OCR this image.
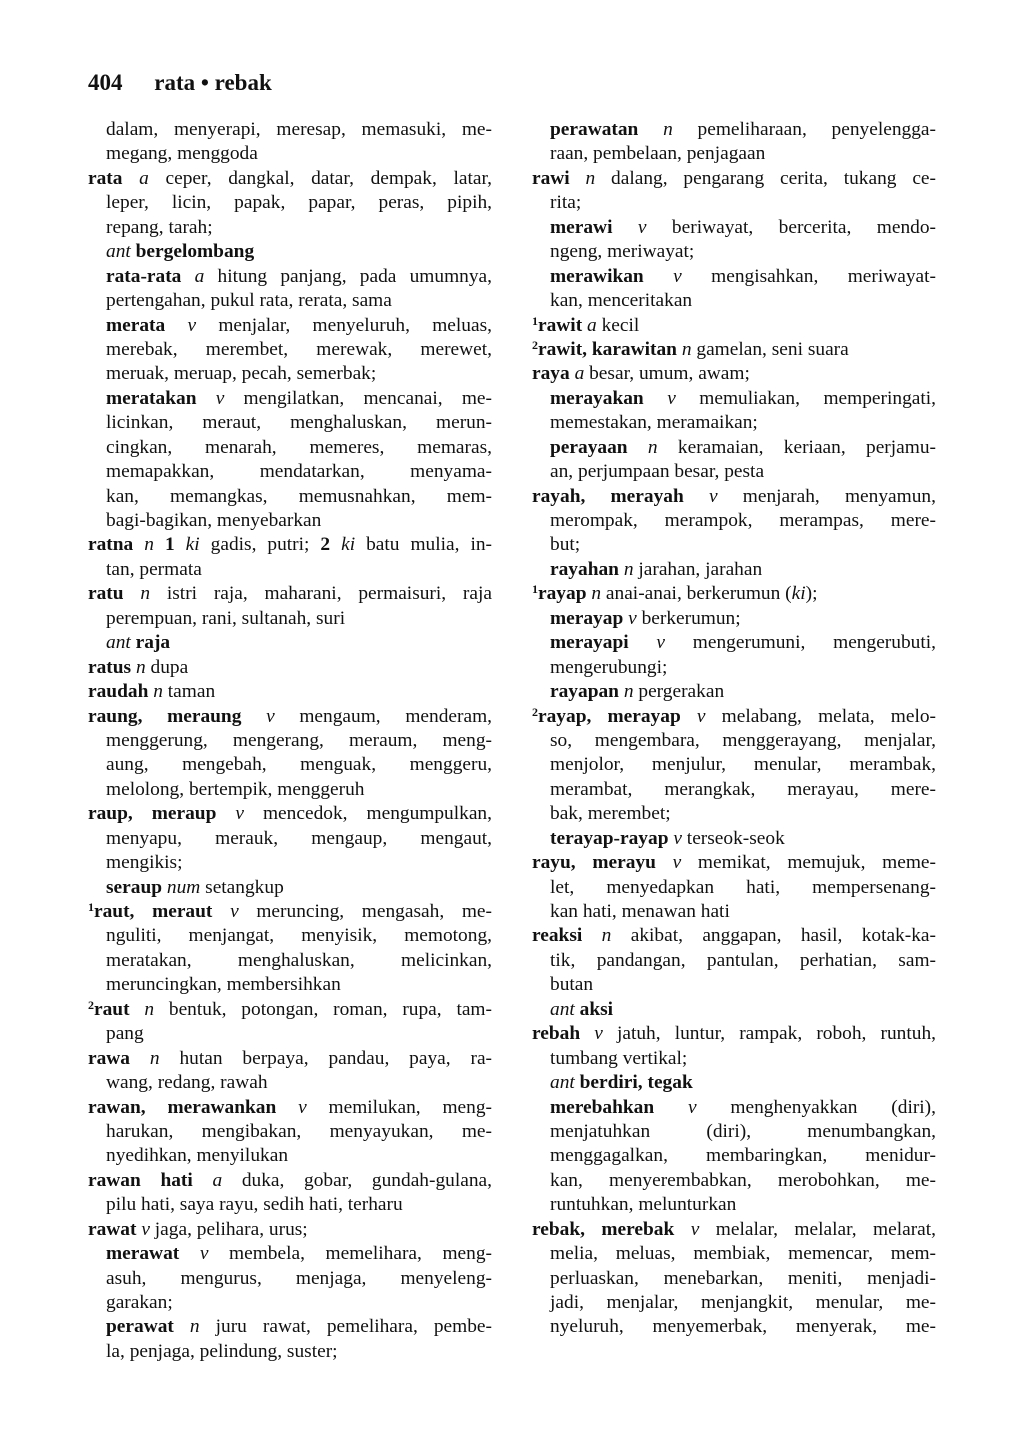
404 rata • rebak
dalam, menyerapi, meresap, memasuki, me-
megang, menggoda
rata a ceper, dangkal, datar, dempak, latar,
leper, licin, papak, papar, peras, pipih,
repang, tarah;
ant bergelombang
rata-rata a hitung panjang, pada umumnya,
pertengahan, pukul rata, rerata, sama
merata v menjalar, menyeluruh, meluas,
merebak, merembet, merewak, merewet,
meruak, meruap, pecah, semerbak;
meratakan v mengilatkan, mencanai, me-
licinkan, meraut, menghaluskan, merun-
cingkan, menarah, memeres, memaras,
memapakkan, mendatarkan, menyama-
kan, memangkas, memusnahkan, mem-
bagi-bagikan, menyebarkan
ratna n 1 ki gadis, putri; 2 ki batu mulia, in-
tan, permata
ratu n istri raja, maharani, permaisuri, raja
perempuan, rani, sultanah, suri
ant raja
ratus n dupa
raudah n taman
raung, meraung v mengaum, menderam,
menggerung, mengerang, meraum, meng-
aung, mengebah, menguak, menggeru,
melolong, bertempik, menggeruh
raup, meraup v mencedok, mengumpulkan,
menyapu, merauk, mengaup, mengaut,
mengikis;
seraup num setangkup
$^1$raut, meraut v meruncing, mengasah, me-
nguliti, menjangat, menyisik, memotong,
meratakan, menghaluskan, melicinkan,
meruncingkan, membersihkan
$^2$raut n bentuk, potongan, roman, rupa, tam-
pang
rawa n hutan berpaya, pandau, paya, ra-
wang, redang, rawah
rawan, merawankan v memilukan, meng-
harukan, mengibakan, menyayukan, me-
nyedihkan, menyilukan
rawan hati a duka, gobar, gundah-gulana,
pilu hati, saya rayu, sedih hati, terharu
rawat v jaga, pelihara, urus;
merawat v membela, memelihara, meng-
asuh, mengurus, menjaga, menyeleng-
garakan;
perawat n juru rawat, pemelihara, pembe-
la, penjaga, pelindung, suster;
perawatan n pemeliharaan, penyelengga-
raan, pembelaan, penjagaan
rawi n dalang, pengarang cerita, tukang ce-
rita;
merawi v beriwayat, bercerita, mendo-
ngeng, meriwayat;
merawikan v mengisahkan, meriwayat-
kan, menceritakan
$^1$rawit a kecil
$^2$rawit, karawitan n gamelan, seni suara
raya a besar, umum, awam;
merayakan v memuliakan, memperingati,
memestakan, meramaikan;
perayaan n keramaian, keriaan, perjamu-
an, perjumpaan besar, pesta
rayah, merayah v menjarah, menyamun,
merompak, merampok, merampas, mere-
but;
rayahan n jarahan, jarahan
$^1$rayap n anai-anai, berkerumun (ki);
merayap v berkerumun;
merayapi v mengerumuni, mengerubuti,
mengerubungi;
rayapan n pergerakan
$^2$rayap, merayap v melabang, melata, melo-
so, mengembara, menggerayang, menjalar,
menjolor, menjulur, menular, merambak,
merambat, merangkak, merayau, mere-
bak, merembet;
terayap-rayap v terseok-seok
rayu, merayu v memikat, memujuk, meme-
let, menyedapkan hati, mempersenang-
kan hati, menawan hati
reaksi n akibat, anggapan, hasil, kotak-ka-
tik, pandangan, pantulan, perhatian, sam-
butan
ant aksi
rebah v jatuh, luntur, rampak, roboh, runtuh,
tumbang vertikal;
ant berdiri, tegak
merebahkan v menghenyakkan (diri),
menjatuhkan (diri), menumbangkan,
menggagalkan, membaringkan, menidur-
kan, menyerembabkan, merobohkan, me-
runtuhkan, melunturkan
rebak, merebak v melalar, melalar, melarat,
melia, meluas, membiak, memencar, mem-
perluaskan, menebarkan, meniti, menjadi-
jadi, menjalar, menjangkit, menular, me-
nyeluruh, menyemerbak, menyerak, me-
